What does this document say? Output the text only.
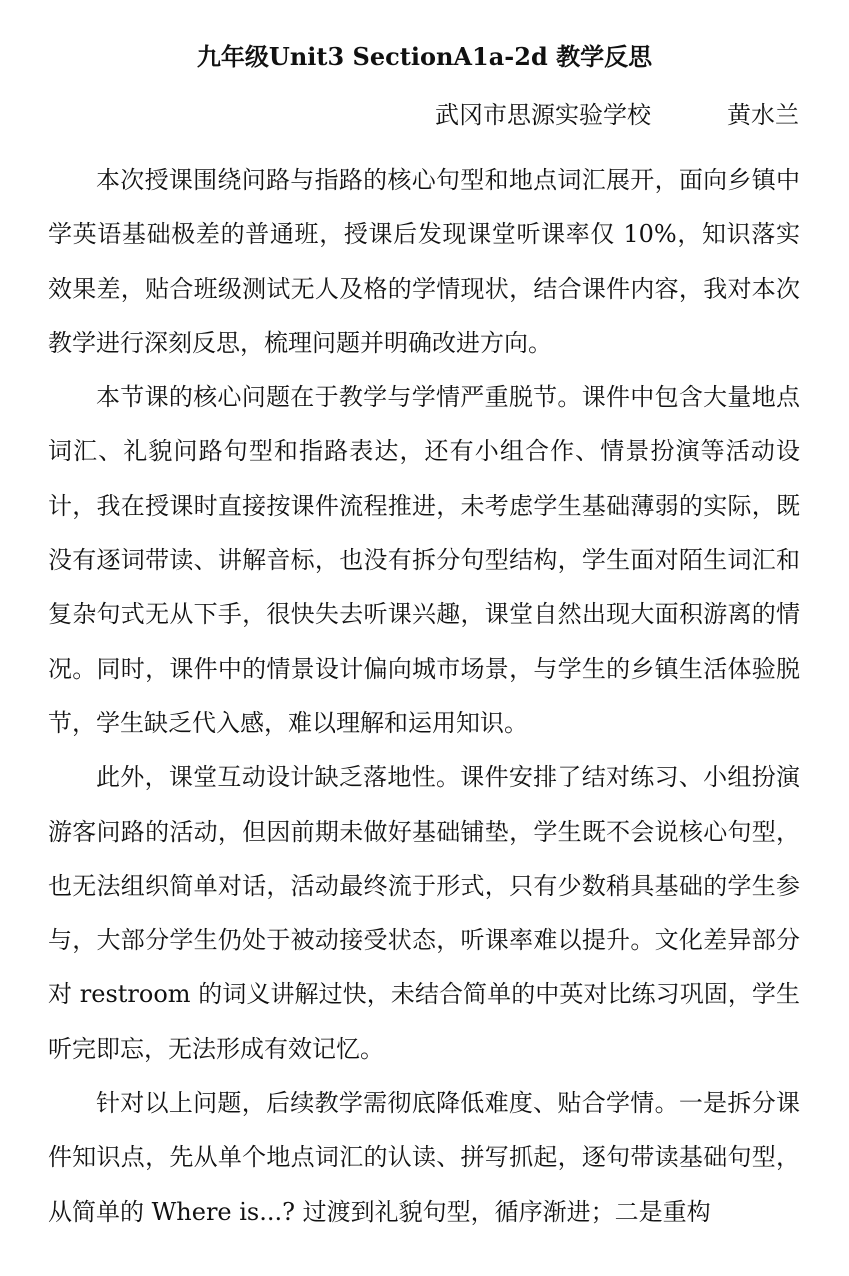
九年级Unit3 SectionA1a-2d 教学反思
武冈市思源实验学校	黄水兰

本次授课围绕问路与指路的核心句型和地点词汇展开，面向乡镇中学英语基础极差的普通班，授课后发现课堂听课率仅 10%，知识落实效果差，贴合班级测试无人及格的学情现状，结合课件内容，我对本次教学进行深刻反思，梳理问题并明确改进方向。

本节课的核心问题在于教学与学情严重脱节。课件中包含大量地点词汇、礼貌问路句型和指路表达，还有小组合作、情景扮演等活动设计，我在授课时直接按课件流程推进，未考虑学生基础薄弱的实际，既没有逐词带读、讲解音标，也没有拆分句型结构，学生面对陌生词汇和复杂句式无从下手，很快失去听课兴趣，课堂自然出现大面积游离的情况。同时，课件中的情景设计偏向城市场景，与学生的乡镇生活体验脱节，学生缺乏代入感，难以理解和运用知识。

此外，课堂互动设计缺乏落地性。课件安排了结对练习、小组扮演游客问路的活动，但因前期未做好基础铺垫，学生既不会说核心句型，也无法组织简单对话，活动最终流于形式，只有少数稍具基础的学生参与，大部分学生仍处于被动接受状态，听课率难以提升。文化差异部分对 restroom 的词义讲解过快，未结合简单的中英对比练习巩固，学生听完即忘，无法形成有效记忆。

针对以上问题，后续教学需彻底降低难度、贴合学情。一是拆分课件知识点，先从单个地点词汇的认读、拼写抓起，逐句带读基础句型，从简单的 Where is...? 过渡到礼貌句型，循序渐进；二是重构
